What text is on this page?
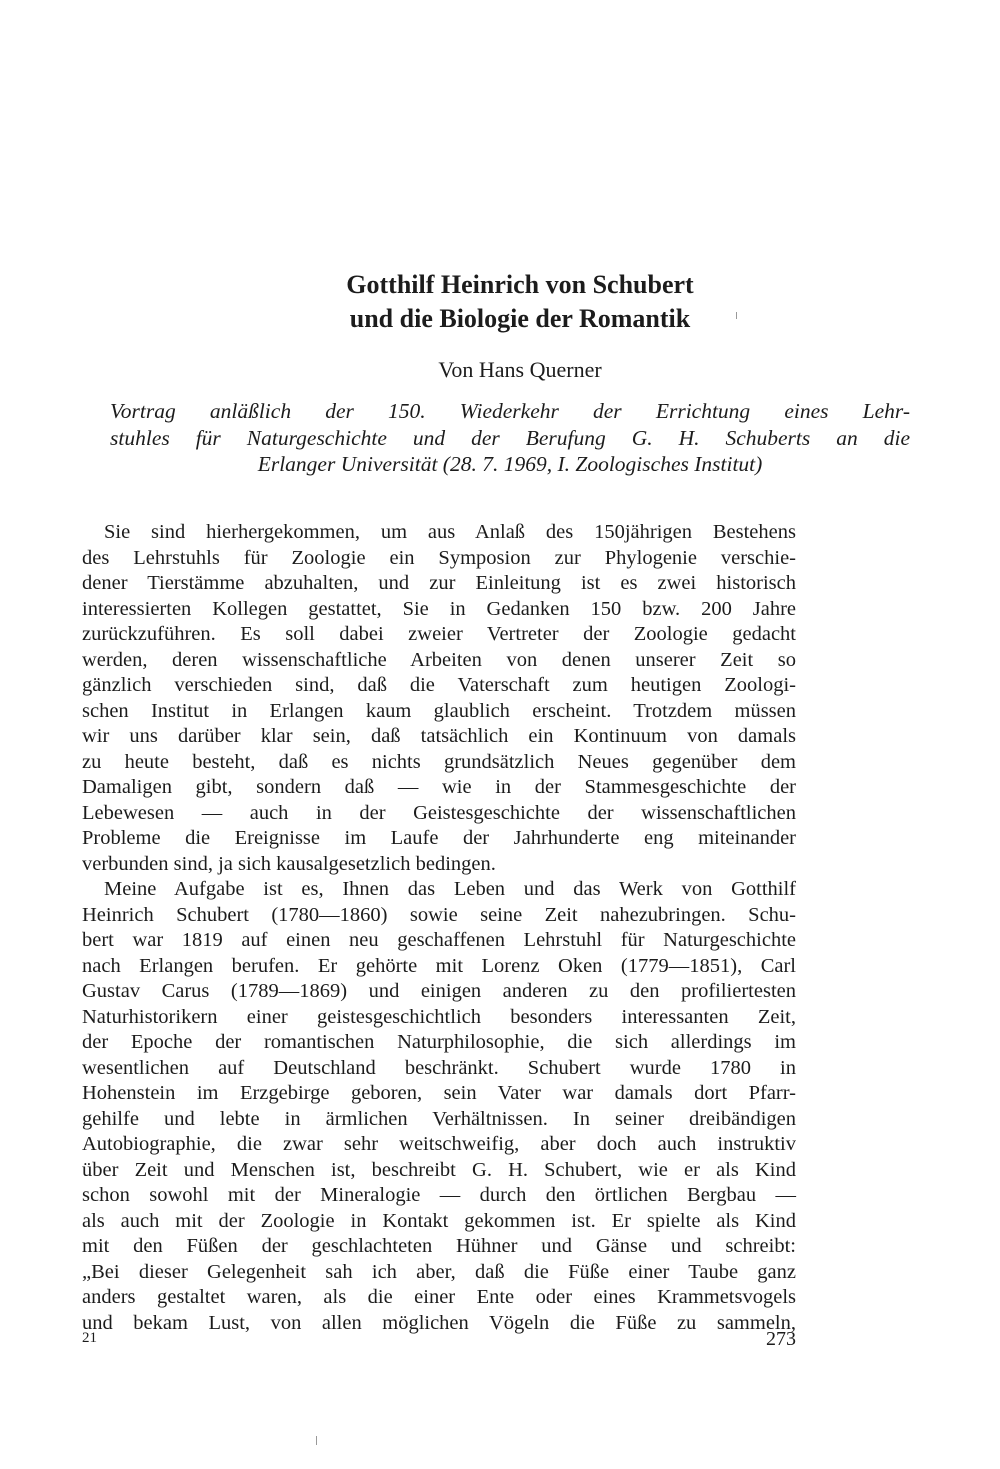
Gotthilf Heinrich von Schubert
und die Biologie der Romantik
Von Hans Querner
Vortrag anläßlich der 150. Wiederkehr der Errichtung eines Lehr-
stuhles für Naturgeschichte und der Berufung G. H. Schuberts an die
Erlanger Universität (28. 7. 1969, I. Zoologisches Institut)
Sie sind hierhergekommen, um aus Anlaß des 150jährigen Bestehens
des Lehrstuhls für Zoologie ein Symposion zur Phylogenie verschie-
dener Tierstämme abzuhalten, und zur Einleitung ist es zwei historisch
interessierten Kollegen gestattet, Sie in Gedanken 150 bzw. 200 Jahre
zurückzuführen. Es soll dabei zweier Vertreter der Zoologie gedacht
werden, deren wissenschaftliche Arbeiten von denen unserer Zeit so
gänzlich verschieden sind, daß die Vaterschaft zum heutigen Zoologi-
schen Institut in Erlangen kaum glaublich erscheint. Trotzdem müssen
wir uns darüber klar sein, daß tatsächlich ein Kontinuum von damals
zu heute besteht, daß es nichts grundsätzlich Neues gegenüber dem
Damaligen gibt, sondern daß — wie in der Stammesgeschichte der
Lebewesen — auch in der Geistesgeschichte der wissenschaftlichen
Probleme die Ereignisse im Laufe der Jahrhunderte eng miteinander
verbunden sind, ja sich kausalgesetzlich bedingen.
Meine Aufgabe ist es, Ihnen das Leben und das Werk von Gotthilf
Heinrich Schubert (1780—1860) sowie seine Zeit nahezubringen. Schu-
bert war 1819 auf einen neu geschaffenen Lehrstuhl für Naturgeschichte
nach Erlangen berufen. Er gehörte mit Lorenz Oken (1779—1851), Carl
Gustav Carus (1789—1869) und einigen anderen zu den profiliertesten
Naturhistorikern einer geistesgeschichtlich besonders interessanten Zeit,
der Epoche der romantischen Naturphilosophie, die sich allerdings im
wesentlichen auf Deutschland beschränkt. Schubert wurde 1780 in
Hohenstein im Erzgebirge geboren, sein Vater war damals dort Pfarr-
gehilfe und lebte in ärmlichen Verhältnissen. In seiner dreibändigen
Autobiographie, die zwar sehr weitschweifig, aber doch auch instruktiv
über Zeit und Menschen ist, beschreibt G. H. Schubert, wie er als Kind
schon sowohl mit der Mineralogie — durch den örtlichen Bergbau —
als auch mit der Zoologie in Kontakt gekommen ist. Er spielte als Kind
mit den Füßen der geschlachteten Hühner und Gänse und schreibt:
„Bei dieser Gelegenheit sah ich aber, daß die Füße einer Taube ganz
anders gestaltet waren, als die einer Ente oder eines Krammetsvogels
und bekam Lust, von allen möglichen Vögeln die Füße zu sammeln,
21	273
